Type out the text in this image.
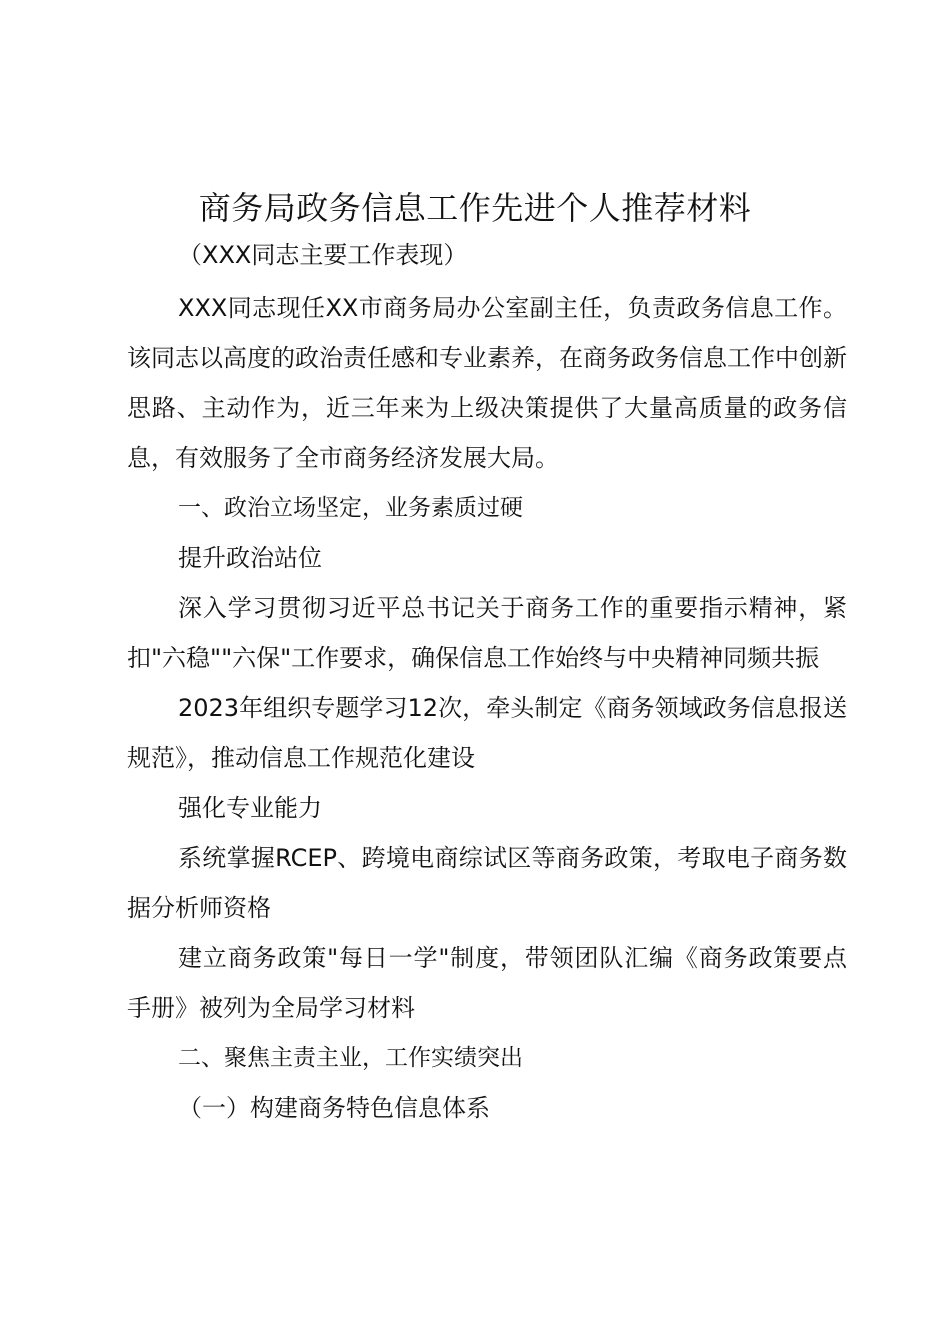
商务局政务信息工作先进个人推荐材料

（XXX同志主要工作表现）

XXX同志现任XX市商务局办公室副主任，负责政务信息工作。该同志以高度的政治责任感和专业素养，在商务政务信息工作中创新思路、主动作为，近三年来为上级决策提供了大量高质量的政务信息，有效服务了全市商务经济发展大局。

一、政治立场坚定，业务素质过硬

提升政治站位

深入学习贯彻习近平总书记关于商务工作的重要指示精神，紧扣"六稳""六保"工作要求，确保信息工作始终与中央精神同频共振

2023年组织专题学习12次，牵头制定《商务领域政务信息报送规范》，推动信息工作规范化建设

强化专业能力

系统掌握RCEP、跨境电商综试区等商务政策，考取电子商务数据分析师资格

建立商务政策"每日一学"制度，带领团队汇编《商务政策要点手册》被列为全局学习材料

二、聚焦主责主业，工作实绩突出

（一）构建商务特色信息体系
